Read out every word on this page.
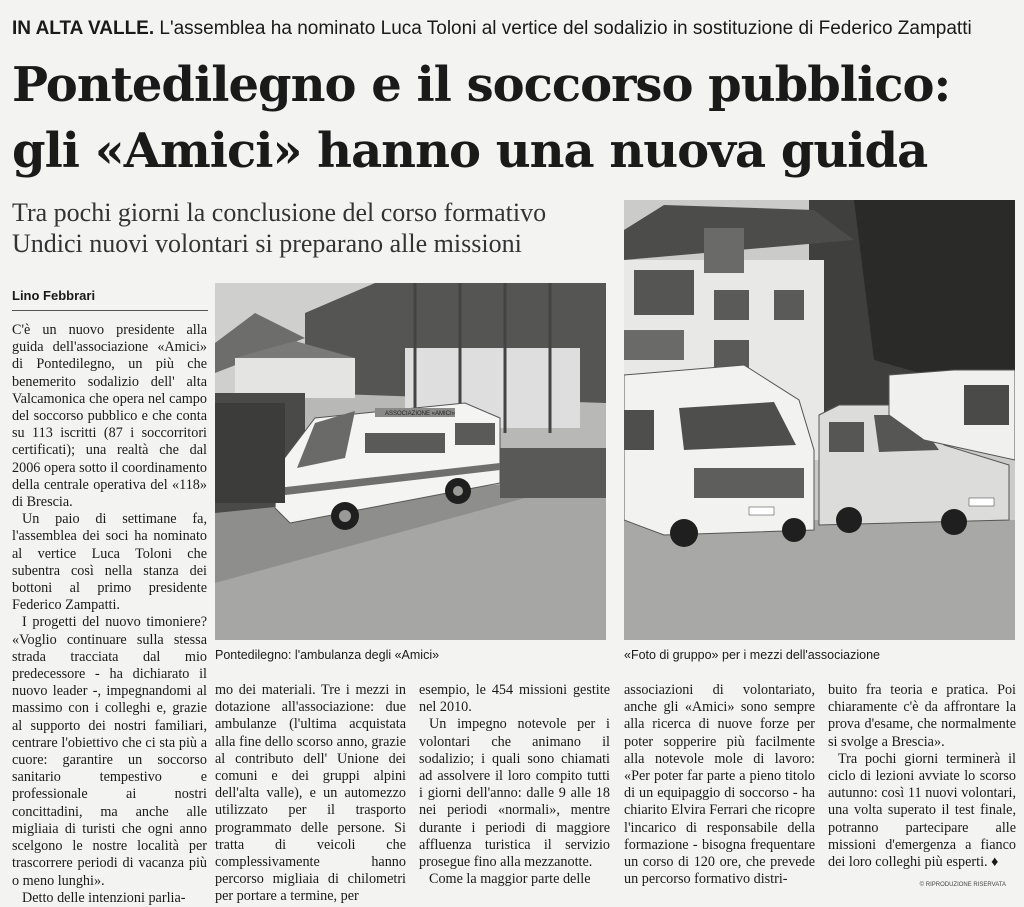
IN ALTA VALLE. L'assemblea ha nominato Luca Toloni al vertice del sodalizio in sostituzione di Federico Zampatti
Pontedilegno e il soccorso pubblico:
gli «Amici» hanno una nuova guida
Tra pochi giorni la conclusione del corso formativo
Undici nuovi volontari si preparano alle missioni
Lino Febbrari
ASSOCIAZIONE «AMICI»
Pontedilegno: l'ambulanza degli «Amici»	«Foto di gruppo» per i mezzi dell'associazione

C'è un nuovo presidente alla guida dell'associazione «Amici» di Pontedilegno, un più che benemerito sodalizio dell' alta Valcamonica che opera nel campo del soccorso pubblico e che conta su 113 iscritti (87 i soccorritori certificati); una realtà che dal 2006 opera sotto il coordinamento della centrale operativa del «118» di Brescia.

Un paio di settimane fa, l'assemblea dei soci ha nominato al vertice Luca Toloni che subentra così nella stanza dei bottoni al primo presidente Federico Zampatti.

I progetti del nuovo timoniere? «Voglio continuare sulla stessa strada tracciata dal mio predecessore - ha dichiarato il nuovo leader -, impegnandomi al massimo con i colleghi e, grazie al supporto dei nostri familiari, centrare l'obiettivo che ci sta più a cuore: garantire un soccorso sanitario tempestivo e professionale ai nostri concittadini, ma anche alle migliaia di turisti che ogni anno scelgono le nostre località per trascorrere periodi di vacanza più o meno lunghi».

Detto delle intenzioni parlia-

mo dei materiali. Tre i mezzi in dotazione all'associazione: due ambulanze (l'ultima acquistata alla fine dello scorso anno, grazie al contributo dell' Unione dei comuni e dei gruppi alpini dell'alta valle), e un automezzo utilizzato per il trasporto programmato delle persone. Si tratta di veicoli che complessivamente hanno percorso migliaia di chilometri per portare a termine, per

esempio, le 454 missioni gestite nel 2010.

Un impegno notevole per i volontari che animano il sodalizio; i quali sono chiamati ad assolvere il loro compito tutti i giorni dell'anno: dalle 9 alle 18 nei periodi «normali», mentre durante i periodi di maggiore affluenza turistica il servizio prosegue fino alla mezzanotte.

Come la maggior parte delle

associazioni di volontariato, anche gli «Amici» sono sempre alla ricerca di nuove forze per poter sopperire più facilmente alla notevole mole di lavoro: «Per poter far parte a pieno titolo di un equipaggio di soccorso - ha chiarito Elvira Ferrari che ricopre l'incarico di responsabile della formazione - bisogna frequentare un corso di 120 ore, che prevede un percorso formativo distri-

buito fra teoria e pratica. Poi chiaramente c'è da affrontare la prova d'esame, che normalmente si svolge a Brescia».

Tra pochi giorni terminerà il ciclo di lezioni avviate lo scorso autunno: così 11 nuovi volontari, una volta superato il test finale, potranno partecipare alle missioni d'emergenza a fianco dei loro colleghi più esperti. ♦

© RIPRODUZIONE RISERVATA
